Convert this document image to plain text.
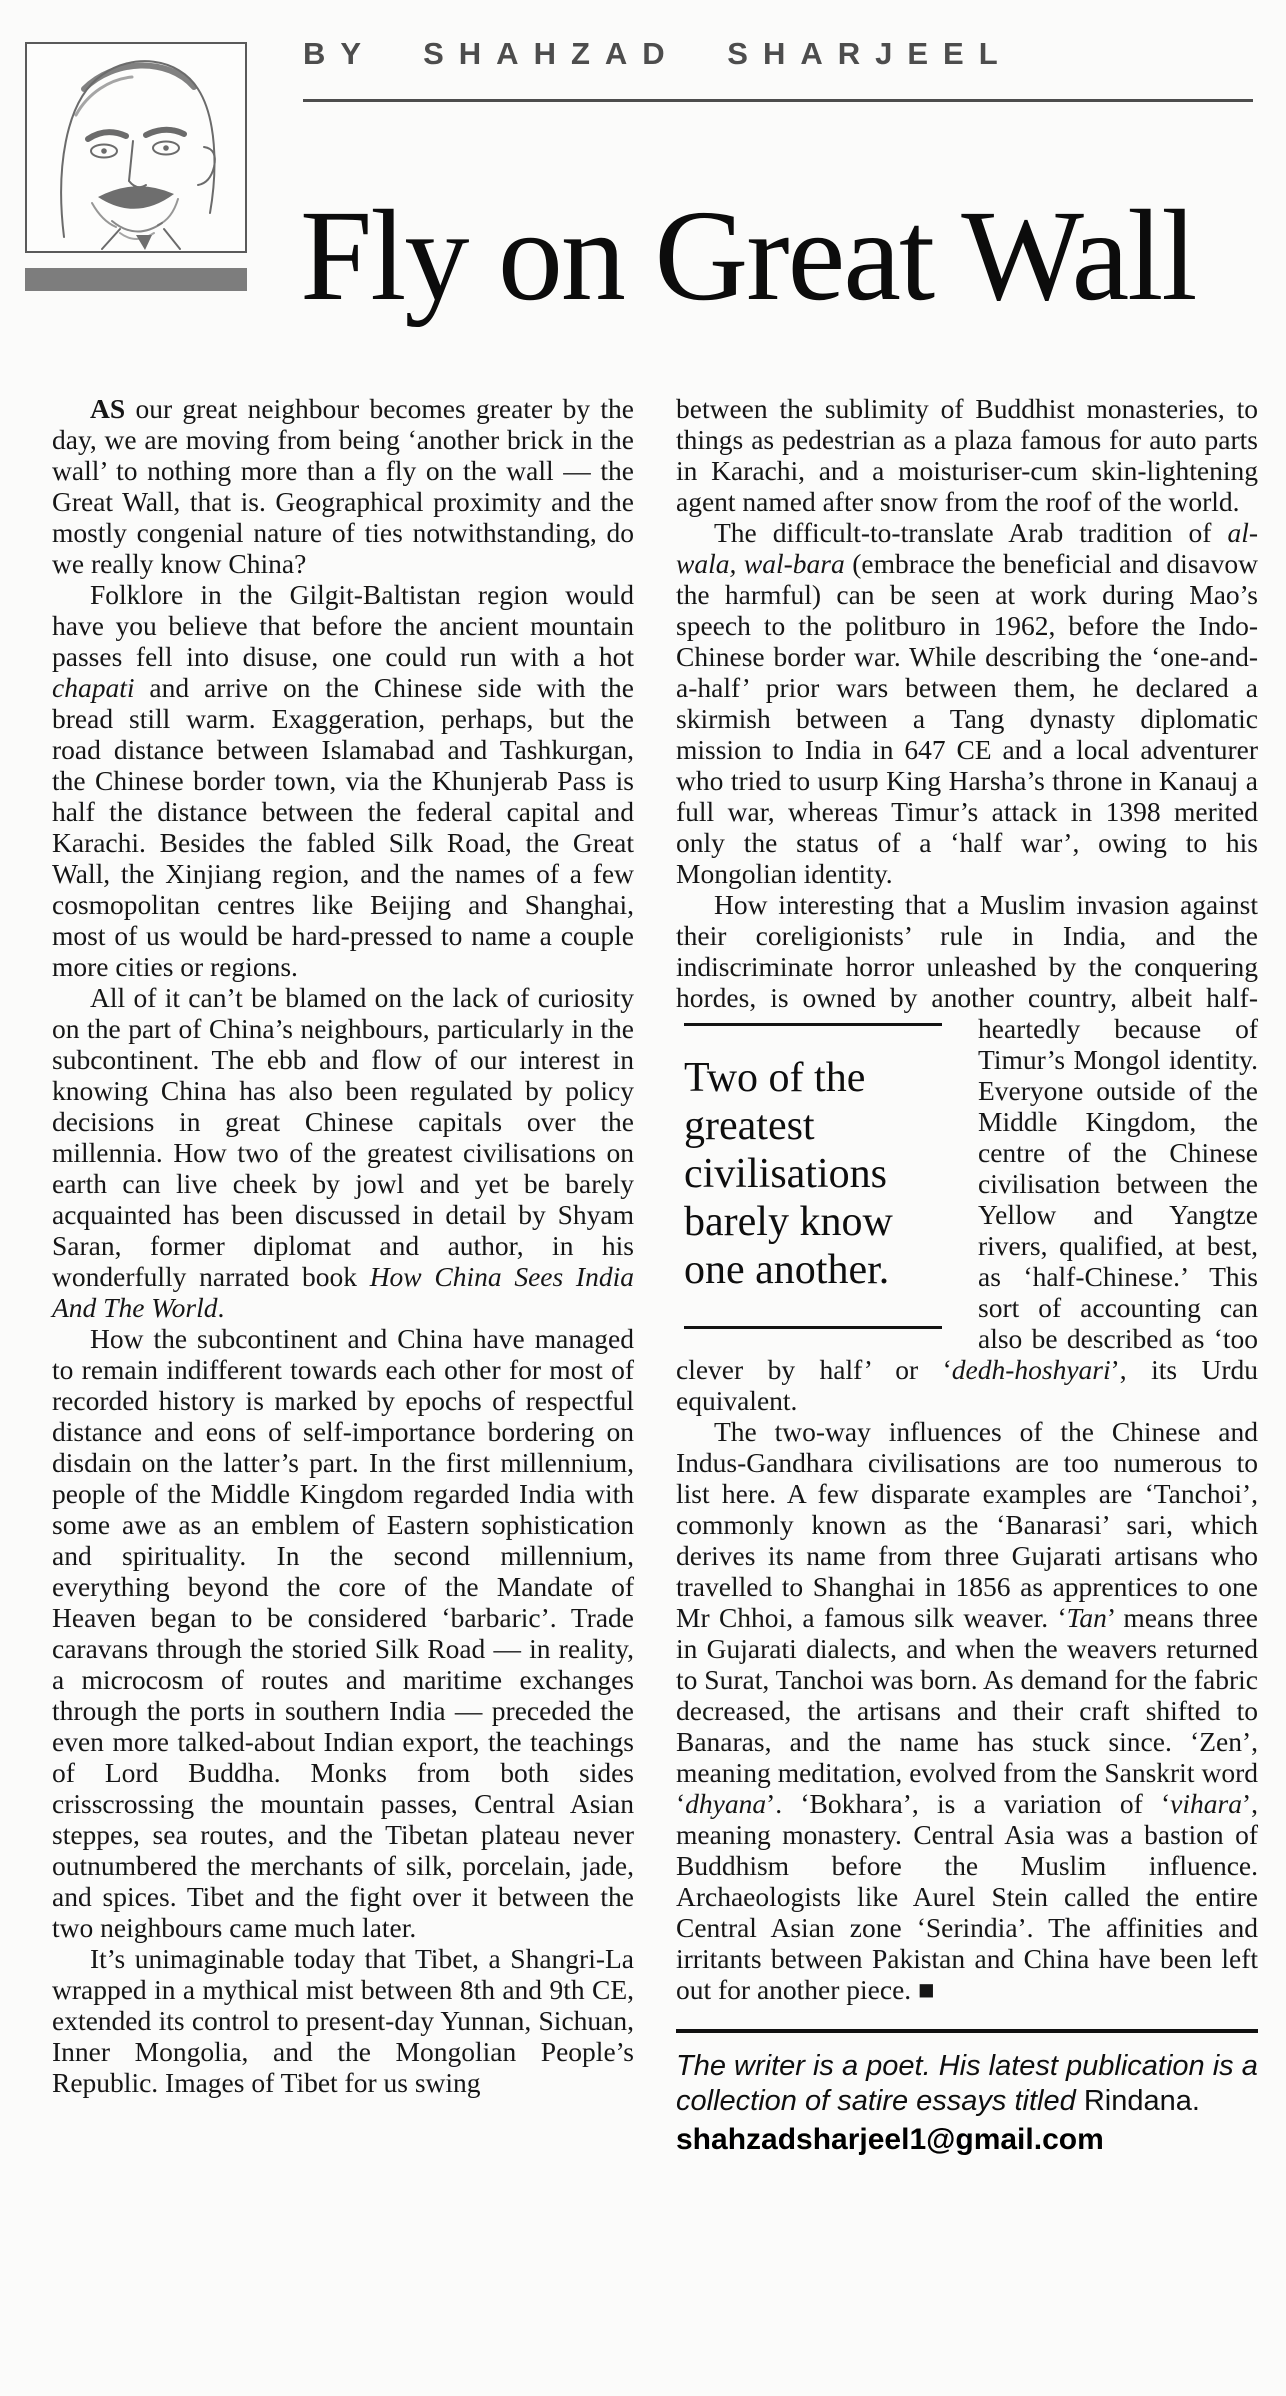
BY SHAHZAD SHARJEEL
Fly on Great Wall

AS our great neighbour becomes greater by the day, we are moving from being ‘another brick in the wall’ to nothing more than a fly on the wall — the Great Wall, that is. Geographical proximity and the mostly congenial nature of ties notwithstanding, do we really know China?

Folklore in the Gilgit-Baltistan region would have you believe that before the ancient mountain passes fell into disuse, one could run with a hot chapati and arrive on the Chinese side with the bread still warm. Exaggeration, perhaps, but the road distance between Islamabad and Tashkurgan, the Chinese border town, via the Khunjerab Pass is half the distance between the federal capital and Karachi. Besides the fabled Silk Road, the Great Wall, the Xinjiang region, and the names of a few cosmopolitan centres like Beijing and Shanghai, most of us would be hard-pressed to name a couple more cities or regions.

All of it can’t be blamed on the lack of curiosity on the part of China’s neighbours, particularly in the subcontinent. The ebb and flow of our interest in knowing China has also been regulated by policy decisions in great Chinese capitals over the millennia. How two of the greatest civilisations on earth can live cheek by jowl and yet be barely acquainted has been discussed in detail by Shyam Saran, former diplomat and author, in his wonderfully narrated book How China Sees India And The World.

How the subcontinent and China have managed to remain indifferent towards each other for most of recorded history is marked by epochs of respectful distance and eons of self-importance bordering on disdain on the latter’s part. In the first millennium, people of the Middle Kingdom regarded India with some awe as an emblem of Eastern sophistication and spirituality. In the second millennium, everything beyond the core of the Mandate of Heaven began to be considered ‘barbaric’. Trade caravans through the storied Silk Road — in reality, a microcosm of routes and maritime exchanges through the ports in southern India — preceded the even more talked-about Indian export, the teachings of Lord Buddha. Monks from both sides crisscrossing the mountain passes, Central Asian steppes, sea routes, and the Tibetan plateau never outnumbered the merchants of silk, porcelain, jade, and spices. Tibet and the fight over it between the two neighbours came much later.

It’s unimaginable today that Tibet, a Shangri-La wrapped in a mythical mist between 8th and 9th CE, extended its control to present-day Yunnan, Sichuan, Inner Mongolia, and the Mongolian People’s Republic. Images of Tibet for us swing

between the sublimity of Buddhist monasteries, to things as pedestrian as a plaza famous for auto parts in Karachi, and a moisturiser-cum skin-lightening agent named after snow from the roof of the world.

The difficult-to-translate Arab tradition of al-wala, wal-bara (embrace the beneficial and disavow the harmful) can be seen at work during Mao’s speech to the politburo in 1962, before the Indo-Chinese border war. While describing the ‘one-and-a-half’ prior wars between them, he declared a skirmish between a Tang dynasty diplomatic mission to India in 647 CE and a local adventurer who tried to usurp King Harsha’s throne in Kanauj a full war, whereas Timur’s attack in 1398 merited only the status of a ‘half war’, owing to his Mongolian identity.

How interesting that a Muslim invasion against their coreligionists’ rule in India, and the indiscriminate horror unleashed by the conquering hordes, is owned by another country, albeit half-heartedly
Two of the greatest civilisations barely know one another.
because of Timur’s Mongol identity. Everyone outside of the Middle Kingdom, the centre of the Chinese civilisation between the Yellow and Yangtze rivers, qualified, at best, as ‘half-Chinese.’ This sort of accounting can also be described as ‘too clever by half’ or ‘dedh-hoshyari’, its Urdu equivalent.

The two-way influences of the Chinese and Indus-Gandhara civilisations are too numerous to list here. A few disparate examples are ‘Tanchoi’, commonly known as the ‘Banarasi’ sari, which derives its name from three Gujarati artisans who travelled to Shanghai in 1856 as apprentices to one Mr Chhoi, a famous silk weaver. ‘Tan’ means three in Gujarati dialects, and when the weavers returned to Surat, Tanchoi was born. As demand for the fabric decreased, the artisans and their craft shifted to Banaras, and the name has stuck since. ‘Zen’, meaning meditation, evolved from the Sanskrit word ‘dhyana’. ‘Bokhara’, is a variation of ‘vihara’, meaning monastery. Central Asia was a bastion of Buddhism before the Muslim influence. Archaeologists like Aurel Stein called the entire Central Asian zone ‘Serindia’. The affinities and irritants between Pakistan and China have been left out for another piece. ■

The writer is a poet. His latest publication is a collection of satire essays titled Rindana.

shahzadsharjeel1@gmail.com
